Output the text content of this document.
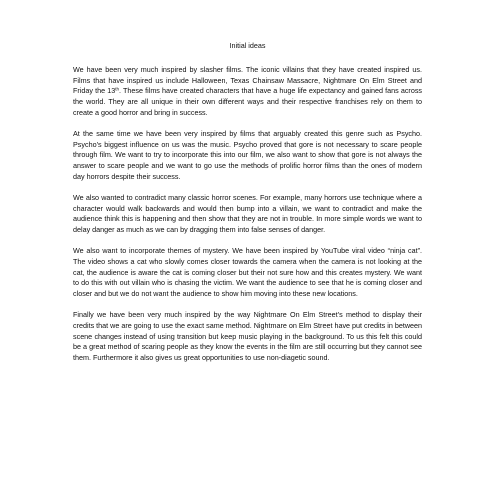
Initial ideas

We have been very much inspired by slasher films. The iconic villains that they have created inspired us. Films that have inspired us include Halloween, Texas Chainsaw Massacre, Nightmare On Elm Street and Friday the 13th. These films have created characters that have a huge life expectancy and gained fans across the world. They are all unique in their own different ways and their respective franchises rely on them to create a good horror and bring in success.

At the same time we have been very inspired by films that arguably created this genre such as Psycho. Psycho’s biggest influence on us was the music. Psycho proved that gore is not necessary to scare people through film. We want to try to incorporate this into our film, we also want to show that gore is not always the answer to scare people and we want to go use the methods of prolific horror films than the ones of modern day horrors despite their success.

We also wanted to contradict many classic horror scenes. For example, many horrors use technique where a character would walk backwards and would then bump into a villain, we want to contradict and make the audience think this is happening and then show that they are not in trouble. In more simple words we want to delay danger as much as we can by dragging them into false senses of danger.

We also want to incorporate themes of mystery. We have been inspired by YouTube viral video “ninja cat”. The video shows a cat who slowly comes closer towards the camera when the camera is not looking at the cat, the audience is aware the cat is coming closer but their not sure how and this creates mystery. We want to do this with out villain who is chasing the victim. We want the audience to see that he is coming closer and closer and but we do not want the audience to show him moving into these new locations.

Finally we have been very much inspired by the way Nightmare On Elm Street’s method to display their credits that we are going to use the exact same method. Nightmare on Elm Street have put credits in between scene changes instead of using transition but keep music playing in the background. To us this felt this could be a great method of scaring people as they know the events in the film are still occurring but they cannot see them. Furthermore it also gives us great opportunities to use non-diagetic sound.
